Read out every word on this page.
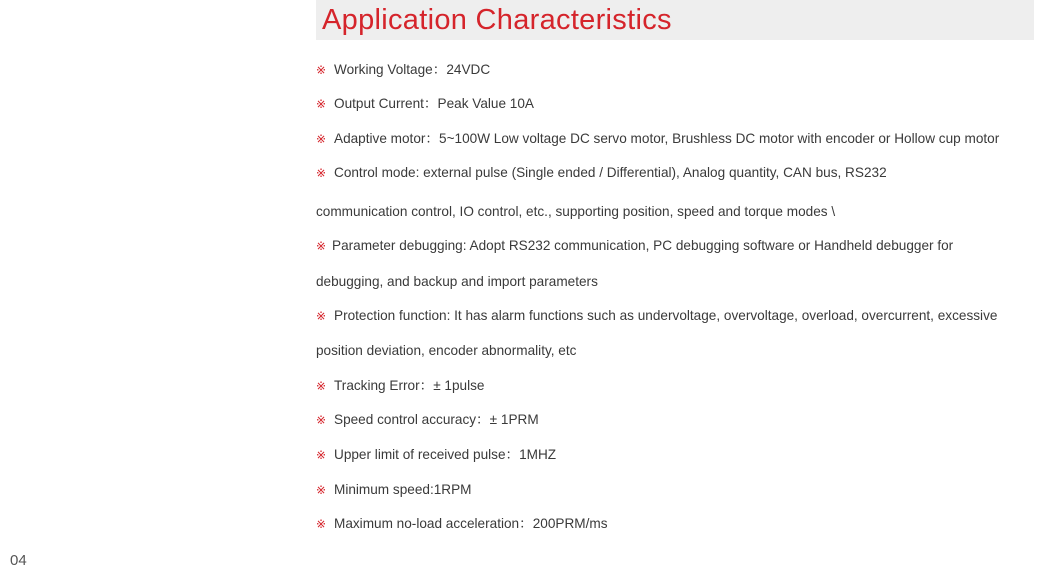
Application Characteristics
※ Working Voltage：24VDC
※ Output Current：Peak Value 10A
※ Adaptive motor：5~100W Low voltage DC servo motor, Brushless DC motor with encoder or Hollow cup motor
※ Control mode: external pulse (Single ended / Differential), Analog quantity, CAN bus, RS232
communication control, IO control, etc., supporting position, speed and torque modes \
※ Parameter debugging: Adopt RS232 communication, PC debugging software or Handheld debugger for
debugging, and backup and import parameters
※ Protection function: It has alarm functions such as undervoltage, overvoltage, overload, overcurrent, excessive
position deviation, encoder abnormality, etc
※ Tracking Error：± 1pulse
※ Speed control accuracy：± 1PRM
※ Upper limit of received pulse：1MHZ
※ Minimum speed:1RPM
※ Maximum no-load acceleration：200PRM/ms
04
